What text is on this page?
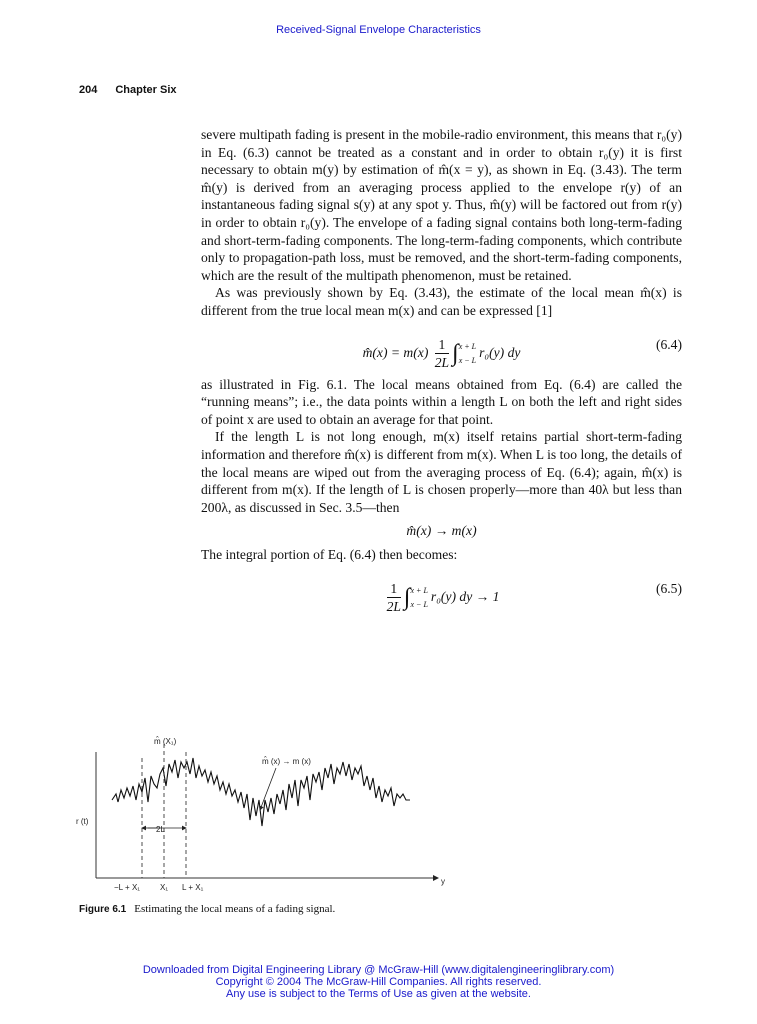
Received-Signal Envelope Characteristics
204 Chapter Six

severe multipath fading is present in the mobile-radio environment, this means that r₀(y) in Eq. (6.3) cannot be treated as a constant and in order to obtain r₀(y) it is first necessary to obtain m(y) by estimation of m̂(x = y), as shown in Eq. (3.43). The term m̂(y) is derived from an averaging process applied to the envelope r(y) of an instantaneous fading signal s(y) at any spot y. Thus, m̂(y) will be factored out from r(y) in order to obtain r₀(y). The envelope of a fading signal contains both long-term-fading and short-term-fading components. The long-term-fading components, which contribute only to propagation-path loss, must be removed, and the short-term-fading components, which are the result of the multipath phenomenon, must be retained.

As was previously shown by Eq. (3.43), the estimate of the local mean m̂(x) is different from the true local mean m(x) and can be expressed [1]

m̂(x) = $m(x) \frac{1}{2L}$ ∫ x + L
x − L
r₀(y) dy
(6.4)

as illustrated in Fig. 6.1. The local means obtained from Eq. (6.4) are called the “running means”; i.e., the data points within a length L on both the left and right sides of point x are used to obtain an average for that point.

If the length L is not long enough, m(x) itself retains partial short-term-fading information and therefore m̂(x) is different from m(x). When L is too long, the details of the local means are wiped out from the averaging process of Eq. (6.4); again, m̂(x) is different from m(x). If the length of L is chosen properly—more than 40λ but less than 200λ, as discussed in Sec. 3.5—then

m̂(x) → m(x)

The integral portion of Eq. (6.4) then becomes:

$\frac{1}{2L}$ ∫ x + L
x − L
r₀(y) dy → 1
(6.5)
m̂ (X₁)
m̂ (x) → m (x)
r (t)
2L
y
−L + X₁	X₁ L + X₁
Figure 6.1 Estimating the local means of a fading signal.
Downloaded from Digital Engineering Library @ McGraw-Hill (www.digitalengineeringlibrary.com)
Copyright © 2004 The McGraw-Hill Companies. All rights reserved.
Any use is subject to the Terms of Use as given at the website.
